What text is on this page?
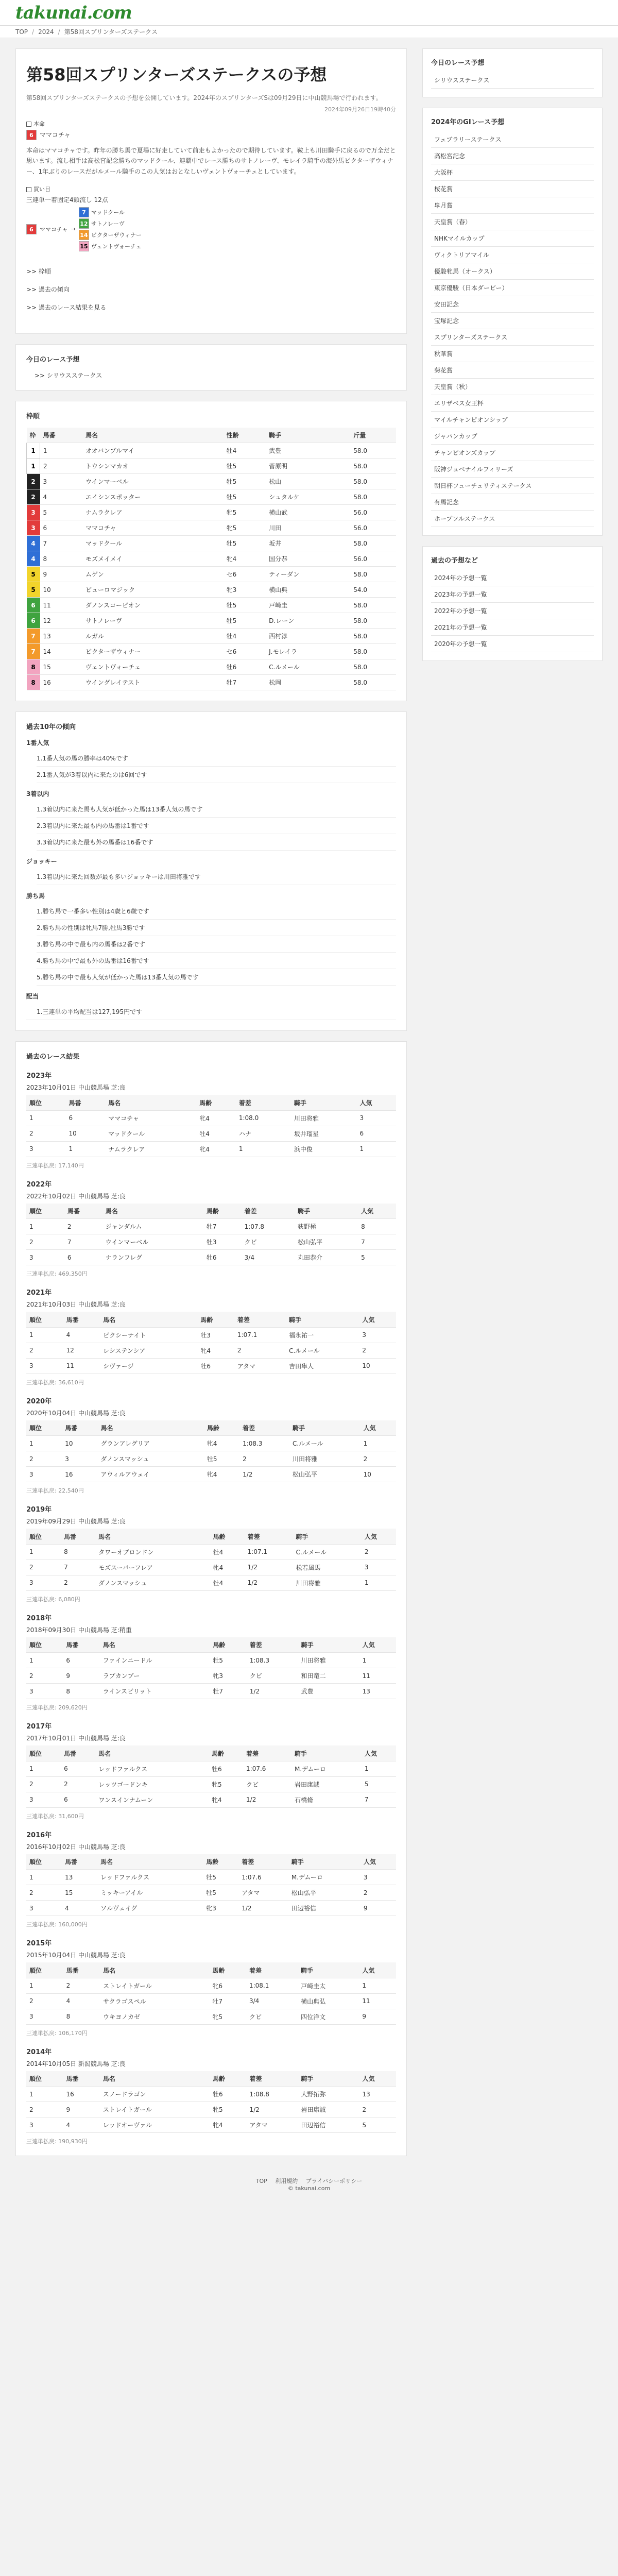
takunai.com
TOP / 2024 / 第58回スプリンターズステークス
第58回スプリンターズステークスの予想

第58回スプリンターズステークスの予想を公開しています。2024年のスプリンターズSは09月29日に中山競馬場で行われます。

2024年09月26日19時40分

本命
6	ママコチャ

本命はママコチャです。昨年の勝ち馬で夏場に好走していて前走もよかったので期待しています。鞍上も川田騎手に戻るので万全だと思います。流し相手は高松宮記念勝ちのマッドクール、連覇中でレース勝ちのサトノレーヴ、モレイラ騎手の海外馬ビクターザウィナー、1年ぶりのレースだがルメール騎手のこの人気はおとなしいヴェントヴォーチェとしています。

買い目
三連単一着固定4頭流し 12点
6	ママコチャ →
7 マッドクール
12 サトノレーヴ
14 ビクターザウィナー
15 ヴェントヴォーチェ
>> 枠順
>> 過去の傾向
>> 過去のレース結果を見る
今日のレース予想
>> シリウスステークス
枠順
枠	馬番	馬名	性齢	騎手	斤量
1	1	オオバンブルマイ	牡4	武豊	58.0
1	2	トウシンマカオ	牡5	菅原明	58.0
2	3	ウインマーベル	牡5	松山	58.0
2	4	エイシンスポッター	牡5	シュタルケ	58.0
3	5	ナムラクレア	牝5	横山武	56.0
3	6	ママコチャ	牝5	川田	56.0
4	7	マッドクール	牡5	坂井	58.0
4	8	モズメイメイ	牝4	国分恭	56.0
5	9	ムゲン	セ6	ティーダン	58.0
5	10	ピューロマジック	牝3	横山典	54.0
6	11	ダノンスコーピオン	牡5	戸崎圭	58.0
6	12	サトノレーヴ	牡5	D.レーン	58.0
7	13	ルガル	牡4	西村淳	58.0
7	14	ビクターザウィナー	セ6	J.モレイラ	58.0
8	15	ヴェントヴォーチェ	牡6	C.ルメール	58.0
8	16	ウイングレイテスト	牡7	松岡	58.0
過去10年の傾向
1番人気
1.1番人気の馬の勝率は40%です
2.1番人気が3着以内に来たのは6回です
3着以内
1.3着以内に来た馬も人気が低かった馬は13番人気の馬です
2.3着以内に来た最も内の馬番は1番です
3.3着以内に来た最も外の馬番は16番です
ジョッキー
1.3着以内に来た回数が最も多いジョッキーは川田将雅です
勝ち馬
1.勝ち馬で一番多い性別は4歳と6歳です
2.勝ち馬の性別は牝馬7勝,牡馬3勝です
3.勝ち馬の中で最も内の馬番は2番です
4.勝ち馬の中で最も外の馬番は16番です
5.勝ち馬の中で最も人気が低かった馬は13番人気の馬です
配当

1.三連単の平均配当は127,195円です

過去のレース結果
2023年
2023年10月01日 中山競馬場 芝:良
順位	馬番	馬名	馬齢	着差	騎手	人気
1	6	ママコチャ	牝4	1:08.0	川田将雅	3
2	10	マッドクール	牡4	ハナ	坂井瑠星	6
3	1	ナムラクレア	牝4	1	浜中俊	1
三連単払戻: 17,140円
2022年
2022年10月02日 中山競馬場 芝:良
順位	馬番	馬名	馬齢	着差	騎手	人気
1	2	ジャンダルム	牡7	1:07.8	荻野極	8
2	7	ウインマーベル	牡3	クビ	松山弘平	7
3	6	ナランフレグ	牡6	3/4	丸田恭介	5
三連単払戻: 469,350円
2021年
2021年10月03日 中山競馬場 芝:良
順位	馬番	馬名	馬齢	着差	騎手	人気
1	4	ピクシーナイト	牡3	1:07.1	福永祐一	3
2	12	レシステンシア	牝4	2	C.ルメール	2
3	11	シヴァージ	牡6	アタマ	吉田隼人	10
三連単払戻: 36,610円
2020年
2020年10月04日 中山競馬場 芝:良
順位	馬番	馬名	馬齢	着差	騎手	人気
1	10	グランアレグリア	牝4	1:08.3	C.ルメール	1
2	3	ダノンスマッシュ	牡5	2	川田将雅	2
3	16	アウィルアウェイ	牝4	1/2	松山弘平	10
三連単払戻: 22,540円
2019年
2019年09月29日 中山競馬場 芝:良
順位	馬番	馬名	馬齢	着差	騎手	人気
1	8	タワーオブロンドン	牡4	1:07.1	C.ルメール	2
2	7	モズスーパーフレア	牝4	1/2	松若風馬	3
3	2	ダノンスマッシュ	牡4	1/2	川田将雅	1
三連単払戻: 6,080円
2018年
2018年09月30日 中山競馬場 芝:稍重
順位	馬番	馬名	馬齢	着差	騎手	人気
1	6	ファインニードル	牡5	1:08.3	川田将雅	1
2	9	ラブカンプー	牝3	クビ	和田竜二	11
3	8	ラインスピリット	牡7	1/2	武豊	13
三連単払戻: 209,620円
2017年
2017年10月01日 中山競馬場 芝:良
順位	馬番	馬名	馬齢	着差	騎手	人気
1	6	レッドファルクス	牡6	1:07.6	M.デムーロ	1
2	2	レッツゴードンキ	牝5	クビ	岩田康誠	5
3	6	ワンスインナムーン	牝4	1/2	石橋脩	7
三連単払戻: 31,600円
2016年
2016年10月02日 中山競馬場 芝:良
順位	馬番	馬名	馬齢	着差	騎手	人気
1	13	レッドファルクス	牡5	1:07.6	M.デムーロ	3
2	15	ミッキーアイル	牡5	アタマ	松山弘平	2
3	4	ソルヴェイグ	牝3	1/2	田辺裕信	9
三連単払戻: 160,000円
2015年
2015年10月04日 中山競馬場 芝:良
順位	馬番	馬名	馬齢	着差	騎手	人気
1	2	ストレイトガール	牝6	1:08.1	戸崎圭太	1
2	4	サクラゴスペル	牡7	3/4	横山典弘	11
3	8	ウキヨノカゼ	牝5	クビ	四位洋文	9
三連単払戻: 106,170円
2014年
2014年10月05日 新潟競馬場 芝:良
順位	馬番	馬名	馬齢	着差	騎手	人気
1	16	スノードラゴン	牡6	1:08.8	大野拓弥	13
2	9	ストレイトガール	牝5	1/2	岩田康誠	2
3	4	レッドオーヴァル	牝4	アタマ	田辺裕信	5
三連単払戻: 190,930円
今日のレース予想
シリウスステークス
2024年のGIレース予想
フェブラリーステークス
高松宮記念
大阪杯
桜花賞
皐月賞
天皇賞（春）
NHKマイルカップ
ヴィクトリアマイル
優駿牝馬（オークス）
東京優駿（日本ダービー）
安田記念
宝塚記念
スプリンターズステークス
秋華賞
菊花賞
天皇賞（秋）
エリザベス女王杯
マイルチャンピオンシップ
ジャパンカップ
チャンピオンズカップ
阪神ジュベナイルフィリーズ
朝日杯フューチュリティステークス
有馬記念
ホープフルステークス
過去の予想など
2024年の予想一覧
2023年の予想一覧
2022年の予想一覧
2021年の予想一覧
2020年の予想一覧
TOP 利用規約 プライバシーポリシー
© takunai.com
